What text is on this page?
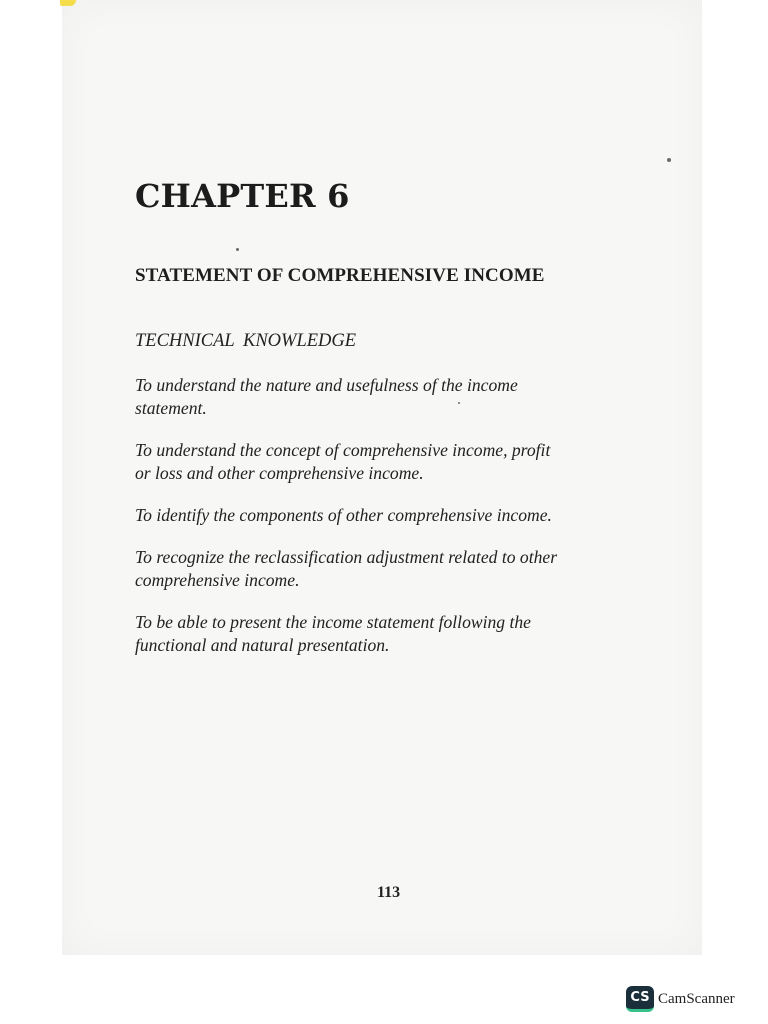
CHAPTER 6
STATEMENT OF COMPREHENSIVE INCOME
TECHNICAL KNOWLEDGE
To understand the nature and usefulness of the income
statement.
To understand the concept of comprehensive income, profit
or loss and other comprehensive income.
To identify the components of other comprehensive income.
To recognize the reclassification adjustment related to other
comprehensive income.
To be able to present the income statement following the
functional and natural presentation.

113

CS CamScanner
